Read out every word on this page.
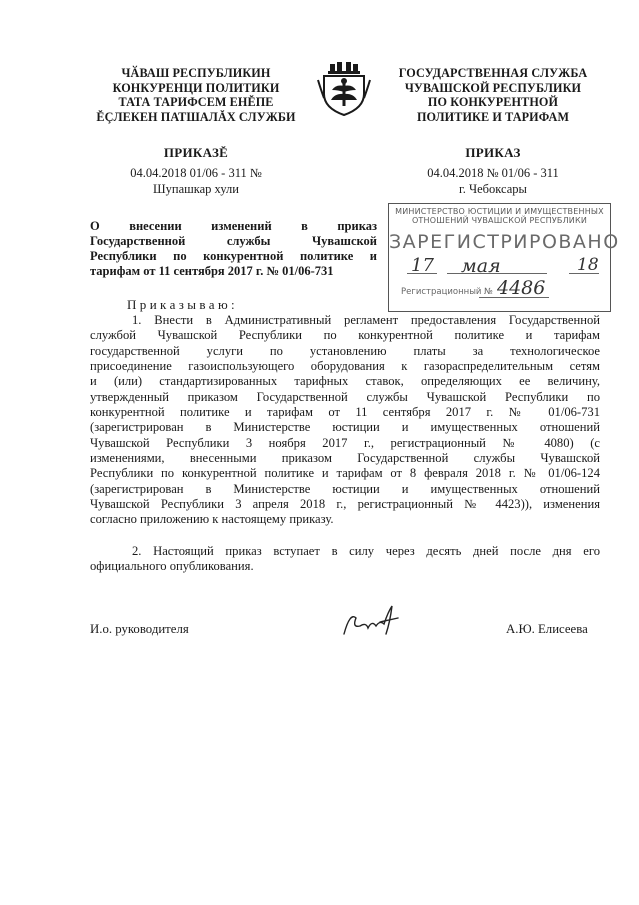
ЧӐВАШ РЕСПУБЛИКИН
КОНКУРЕНЦИ ПОЛИТИКИ
ТАТА ТАРИФСЕМ ЕНĔПЕ
ĔÇЛЕКЕН ПАТШАЛĂХ СЛУЖБИ
ГОСУДАРСТВЕННАЯ СЛУЖБА
ЧУВАШСКОЙ РЕСПУБЛИКИ
ПО КОНКУРЕНТНОЙ
ПОЛИТИКЕ И ТАРИФАМ
ПРИКАЗĔ	ПРИКАЗ
04.04.2018 01/06 - 311 №
Шупашкар хули
04.04.2018 № 01/06 - 311
г. Чебоксары
О внесении изменений в приказ
Государственной службы Чувашской
Республики по конкурентной политике и
тарифам от 11 сентября 2017 г. № 01/06-731
МИНИСТЕРСТВО ЮСТИЦИИ И ИМУЩЕСТВЕННЫХ
ОТНОШЕНИЙ ЧУВАШСКОЙ РЕСПУБЛИКИ
ЗАРЕГИСТРИРОВАНО
17 мая	18
Регистрационный № 4486
Приказываю:
1. Внести в Административный регламент предоставления Государственной
службой Чувашской Республики по конкурентной политике и тарифам
государственной услуги по установлению платы за технологическое
присоединение газоиспользующего оборудования к газораспределительным сетям
и (или) стандартизированных тарифных ставок, определяющих ее величину,
утвержденный приказом Государственной службы Чувашской Республики по
конкурентной политике и тарифам от 11 сентября 2017 г. № 01/06-731
(зарегистрирован в Министерстве юстиции и имущественных отношений
Чувашской Республики 3 ноября 2017 г., регистрационный № 4080) (с
изменениями, внесенными приказом Государственной службы Чувашской
Республики по конкурентной политике и тарифам от 8 февраля 2018 г. № 01/06-124
(зарегистрирован в Министерстве юстиции и имущественных отношений
Чувашской Республики 3 апреля 2018 г., регистрационный № 4423)), изменения
согласно приложению к настоящему приказу.
2. Настоящий приказ вступает в силу через десять дней после дня его
официального опубликования.
И.о. руководителя	А.Ю. Елисеева
